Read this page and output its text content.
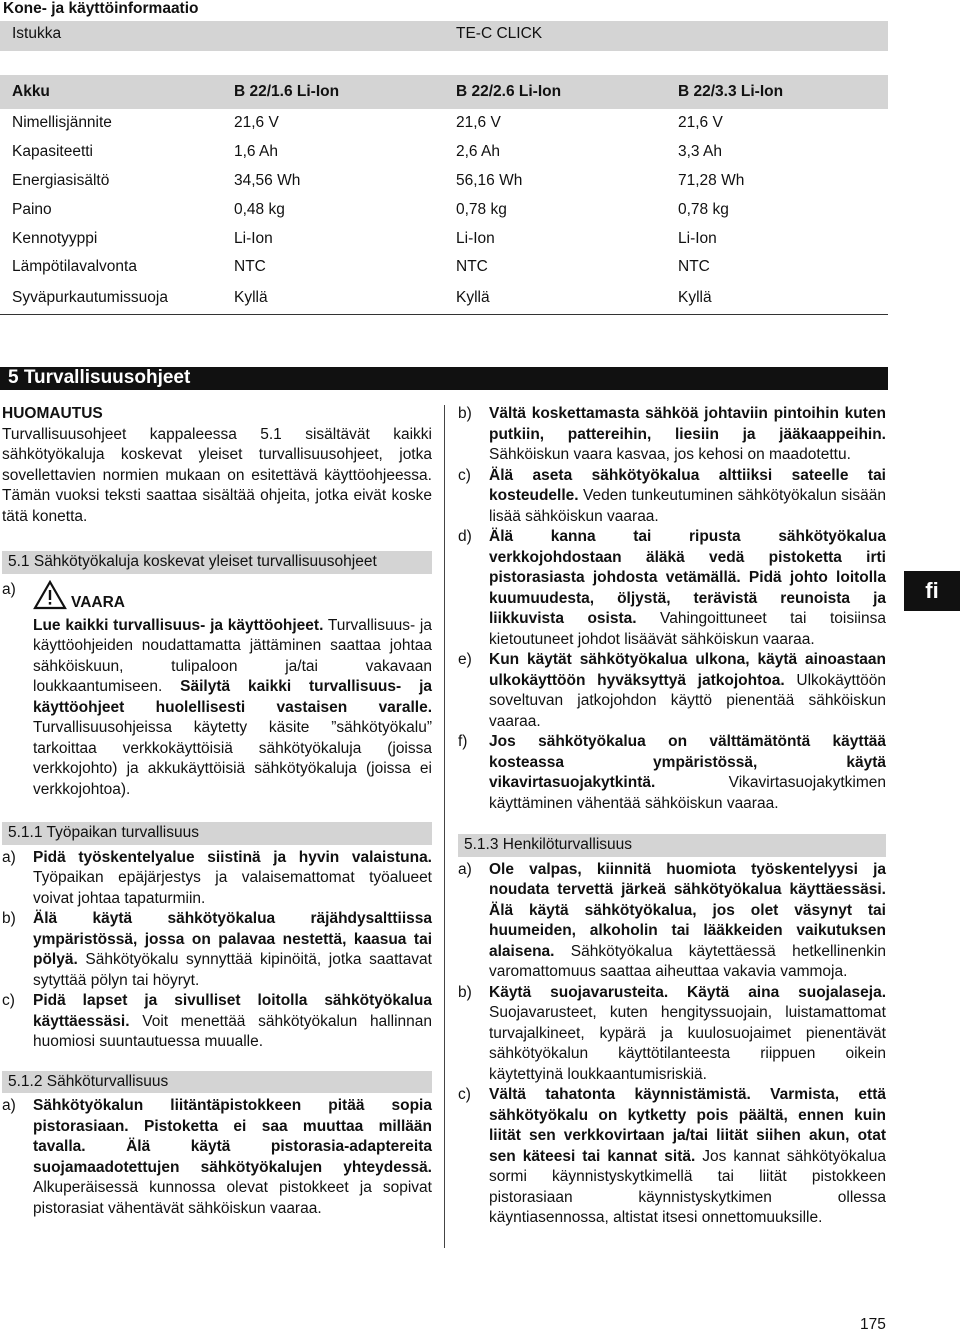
Kone- ja käyttöinformaatio
Istukka	TE-C CLICK
Akku	B 22/1.6 Li-Ion	B 22/2.6 Li-Ion	B 22/3.3 Li-Ion
Nimellisjännite	21,6 V	21,6 V	21,6 V
Kapasiteetti	1,6 Ah	2,6 Ah	3,3 Ah
Energiasisältö	34,56 Wh	56,16 Wh	71,28 Wh
Paino	0,48 kg	0,78 kg	0,78 kg
Kennotyyppi	Li-Ion	Li-Ion	Li-Ion
Lämpötilavalvonta	NTC	NTC	NTC
Syväpurkautumissuoja	Kyllä	Kyllä	Kyllä
5 Turvallisuusohjeet

HUOMAUTUS

Turvallisuusohjeet kappaleessa 5.1 sisältävät kaikki sähkötyökaluja koskevat yleiset turvallisuusohjeet, jotka sovellettavien normien mukaan on esitettävä käyttöohjeessa. Tämän vuoksi teksti saattaa sisältää ohjeita, jotka eivät koske tätä konetta.

5.1 Sähkötyökaluja koskevat yleiset turvallisuusohjeet
a)
VAARA

Lue kaikki turvallisuus- ja käyttöohjeet. Turvallisuus- ja käyttöohjeiden noudattamatta jättäminen saattaa johtaa sähköiskuun, tulipaloon ja/tai vakavaan loukkaantumiseen. Säilytä kaikki turvallisuus- ja käyttöohjeet huolellisesti vastaisen varalle. Turvallisuusohjeissa käytetty käsite ”sähkötyökalu” tarkoittaa verkkokäyttöisiä sähkötyökaluja (joissa verkkojohto) ja akkukäyttöisiä sähkötyökaluja (joissa ei verkkojohtoa).

5.1.1 Työpaikan turvallisuus
a)	Pidä työskentelyalue siistinä ja hyvin valaistuna. Työpaikan epäjärjestys ja valaisemattomat työalueet voivat johtaa tapaturmiin.

b)	Älä käytä sähkötyökalua räjähdysalttiissa ympäristössä, jossa on palavaa nestettä, kaasua tai pölyä. Sähkötyökalu synnyttää kipinöitä, jotka saattavat sytyttää pölyn tai höyryt.

c)	Pidä lapset ja sivulliset loitolla sähkötyökalua käyttäessäsi. Voit menettää sähkötyökalun hallinnan huomiosi suuntautuessa muualle.

5.1.2 Sähköturvallisuus
a)	Sähkötyökalun liitäntäpistokkeen pitää sopia pistorasiaan. Pistoketta ei saa muuttaa millään tavalla. Älä käytä pistorasia-adaptereita suojamaadotettujen sähkötyökalujen yhteydessä. Alkuperäisessä kunnossa olevat pistokkeet ja sopivat pistorasiat vähentävät sähköiskun vaaraa.

b)	Vältä koskettamasta sähköä johtaviin pintoihin kuten putkiin, pattereihin, liesiin ja jääkaappeihin. Sähköiskun vaara kasvaa, jos kehosi on maadotettu.

c)	Älä aseta sähkötyökalua alttiiksi sateelle tai kosteudelle. Veden tunkeutuminen sähkötyökalun sisään lisää sähköiskun vaaraa.

d)	Älä kanna tai ripusta sähkötyökalua verkkojohdostaan äläkä vedä pistoketta irti pistorasiasta johdosta vetämällä. Pidä johto loitolla kuumuudesta, öljystä, terävistä reunoista ja liikkuvista osista. Vahingoittuneet tai toisiinsa kietoutuneet johdot lisäävät sähköiskun vaaraa.

e)	Kun käytät sähkötyökalua ulkona, käytä ainoastaan ulkokäyttöön hyväksyttyä jatkojohtoa. Ulkokäyttöön soveltuvan jatkojohdon käyttö pienentää sähköiskun vaaraa.

f)	Jos sähkötyökalua on välttämätöntä käyttää kosteassa ympäristössä, käytä vikavirtasuojakytkintä. Vikavirtasuojakytkimen käyttäminen vähentää sähköiskun vaaraa.

5.1.3 Henkilöturvallisuus
a)	Ole valpas, kiinnitä huomiota työskentelyysi ja noudata tervettä järkeä sähkötyökalua käyttäessäsi. Älä käytä sähkötyökalua, jos olet väsynyt tai huumeiden, alkoholin tai lääkkeiden vaikutuksen alaisena. Sähkötyökalua käytettäessä hetkellinenkin varomattomuus saattaa aiheuttaa vakavia vammoja.

b)	Käytä suojavarusteita. Käytä aina suojalaseja. Suojavarusteet, kuten hengityssuojain, luistamattomat turvajalkineet, kypärä ja kuulosuojaimet pienentävät sähkötyökalun käyttötilanteesta riippuen oikein käytettyinä loukkaantumisriskiä.

c)	Vältä tahatonta käynnistämistä. Varmista, että sähkötyökalu on kytketty pois päältä, ennen kuin liität sen verkkovirtaan ja/tai liität siihen akun, otat sen käteesi tai kannat sitä. Jos kannat sähkötyökalua sormi käynnistyskytkimellä tai liität pistokkeen pistorasiaan käynnistyskytkimen ollessa käyntiasennossa, altistat itsesi onnettomuuksille.

fi
175
